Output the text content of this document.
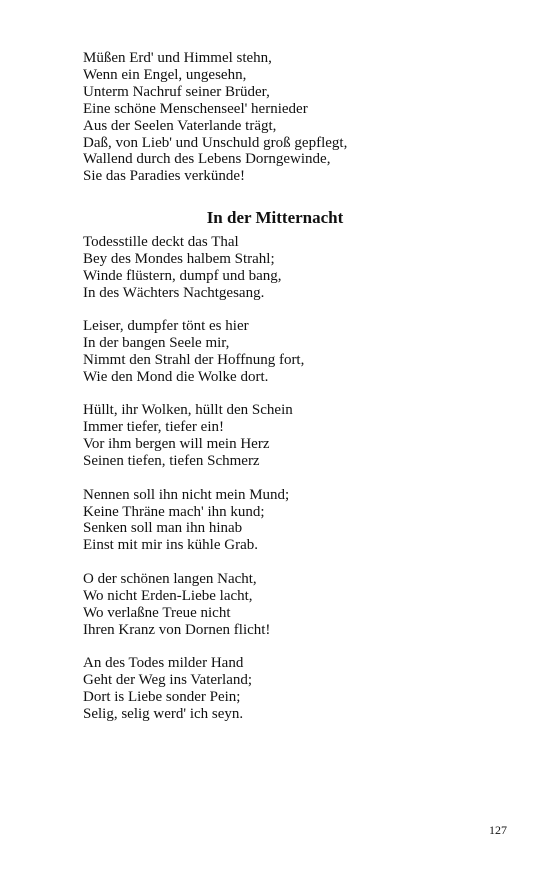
Müßen Erd' und Himmel stehn,
Wenn ein Engel, ungesehn,
Unterm Nachruf seiner Brüder,
Eine schöne Menschenseel' hernieder
Aus der Seelen Vaterlande trägt,
Daß, von Lieb' und Unschuld groß gepflegt,
Wallend durch des Lebens Dorngewinde,
Sie das Paradies verkünde!
In der Mitternacht
Todesstille deckt das Thal
Bey des Mondes halbem Strahl;
Winde flüstern, dumpf und bang,
In des Wächters Nachtgesang.
Leiser, dumpfer tönt es hier
In der bangen Seele mir,
Nimmt den Strahl der Hoffnung fort,
Wie den Mond die Wolke dort.
Hüllt, ihr Wolken, hüllt den Schein
Immer tiefer, tiefer ein!
Vor ihm bergen will mein Herz
Seinen tiefen, tiefen Schmerz
Nennen soll ihn nicht mein Mund;
Keine Thräne mach' ihn kund;
Senken soll man ihn hinab
Einst mit mir ins kühle Grab.
O der schönen langen Nacht,
Wo nicht Erden-Liebe lacht,
Wo verlaßne Treue nicht
Ihren Kranz von Dornen flicht!
An des Todes milder Hand
Geht der Weg ins Vaterland;
Dort is Liebe sonder Pein;
Selig, selig werd' ich seyn.
127
